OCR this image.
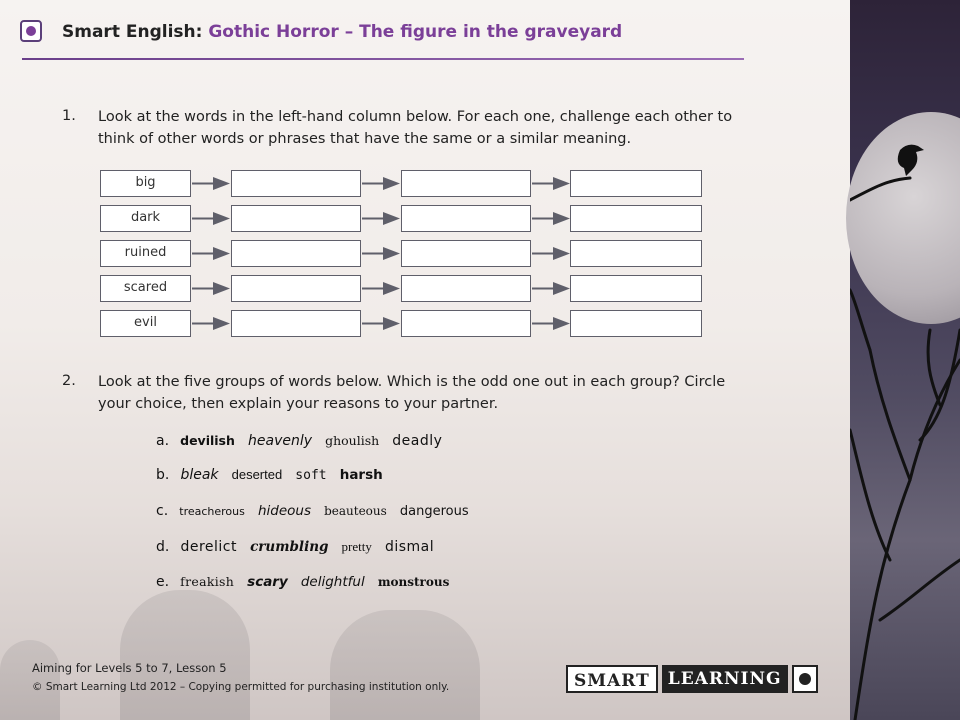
Smart English: Gothic Horror – The figure in the graveyard
1. Look at the words in the left-hand column below. For each one, challenge each other to think of other words or phrases that have the same or a similar meaning.
big
dark
ruined
scared
evil
2. Look at the five groups of words below. Which is the odd one out in each group? Circle your choice, then explain your reasons to your partner.
a. devilish heavenly ghoulish deadly
b. bleak deserted soft harsh
c. treacherous hideous beauteous dangerous
d. derelict crumbling pretty dismal
e. freakish scary delightful monstrous
Aiming for Levels 5 to 7, Lesson 5
© Smart Learning Ltd 2012 – Copying permitted for purchasing institution only.	SMART	LEARNING
